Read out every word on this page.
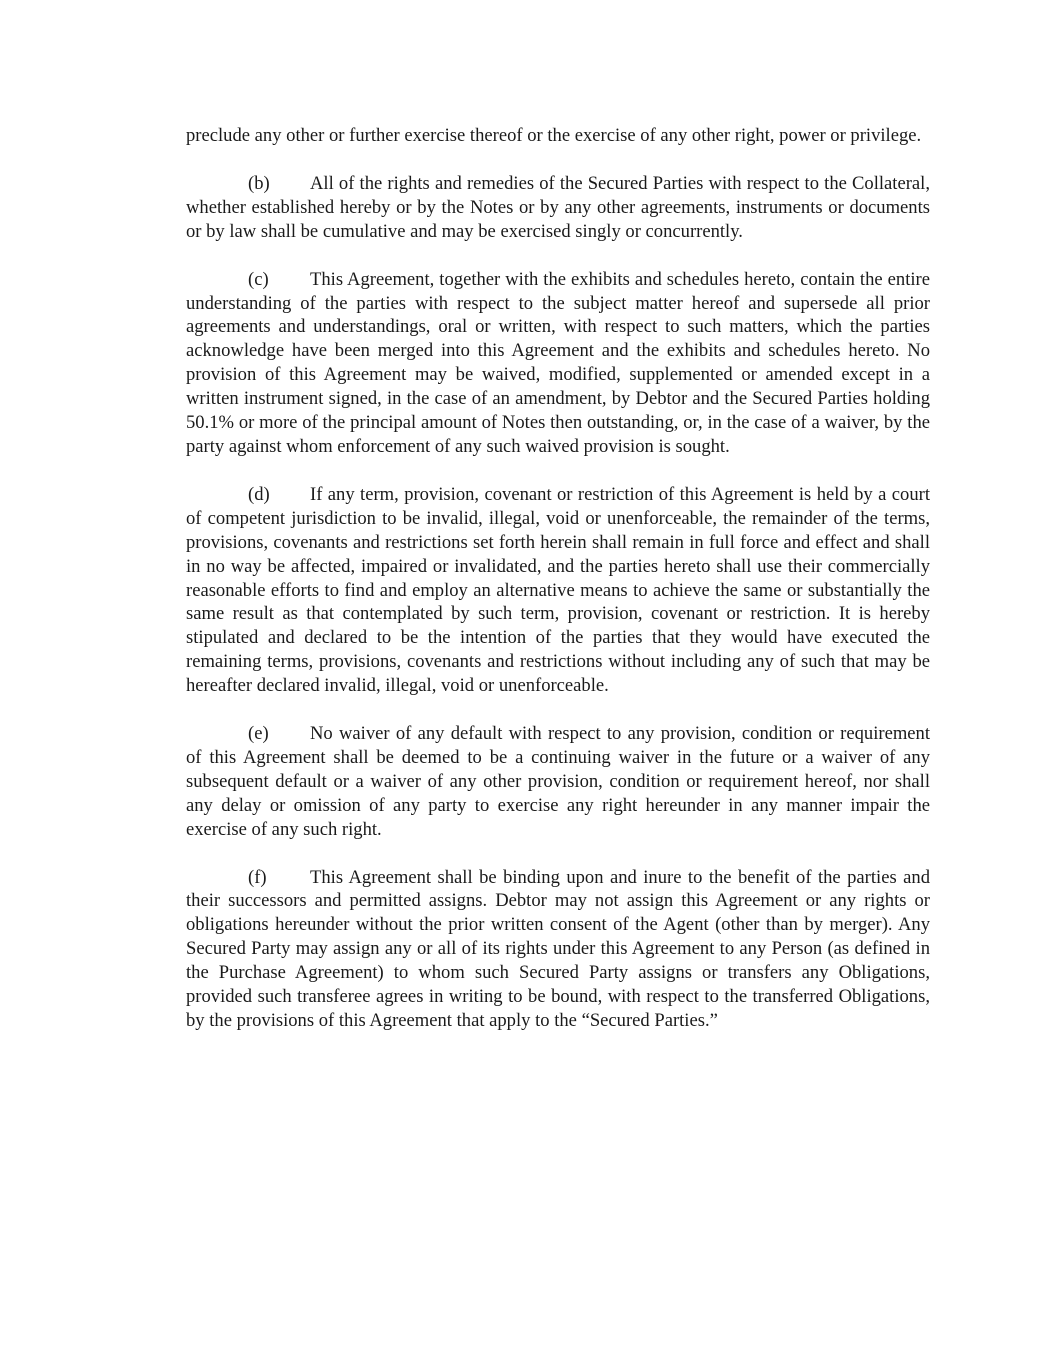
preclude any other or further exercise thereof or the exercise of any other right, power or privilege.

(b) All of the rights and remedies of the Secured Parties with respect to the Collateral, whether established hereby or by the Notes or by any other agreements, instruments or documents or by law shall be cumulative and may be exercised singly or concurrently.

(c) This Agreement, together with the exhibits and schedules hereto, contain the entire understanding of the parties with respect to the subject matter hereof and supersede all prior agreements and understandings, oral or written, with respect to such matters, which the parties acknowledge have been merged into this Agreement and the exhibits and schedules hereto. No provision of this Agreement may be waived, modified, supplemented or amended except in a written instrument signed, in the case of an amendment, by Debtor and the Secured Parties holding 50.1% or more of the principal amount of Notes then outstanding, or, in the case of a waiver, by the party against whom enforcement of any such waived provision is sought.

(d) If any term, provision, covenant or restriction of this Agreement is held by a court of competent jurisdiction to be invalid, illegal, void or unenforceable, the remainder of the terms, provisions, covenants and restrictions set forth herein shall remain in full force and effect and shall in no way be affected, impaired or invalidated, and the parties hereto shall use their commercially reasonable efforts to find and employ an alternative means to achieve the same or substantially the same result as that contemplated by such term, provision, covenant or restriction. It is hereby stipulated and declared to be the intention of the parties that they would have executed the remaining terms, provisions, covenants and restrictions without including any of such that may be hereafter declared invalid, illegal, void or unenforceable.

(e) No waiver of any default with respect to any provision, condition or requirement of this Agreement shall be deemed to be a continuing waiver in the future or a waiver of any subsequent default or a waiver of any other provision, condition or requirement hereof, nor shall any delay or omission of any party to exercise any right hereunder in any manner impair the exercise of any such right.

(f) This Agreement shall be binding upon and inure to the benefit of the parties and their successors and permitted assigns. Debtor may not assign this Agreement or any rights or obligations hereunder without the prior written consent of the Agent (other than by merger). Any Secured Party may assign any or all of its rights under this Agreement to any Person (as defined in the Purchase Agreement) to whom such Secured Party assigns or transfers any Obligations, provided such transferee agrees in writing to be bound, with respect to the transferred Obligations, by the provisions of this Agreement that apply to the “Secured Parties.”
